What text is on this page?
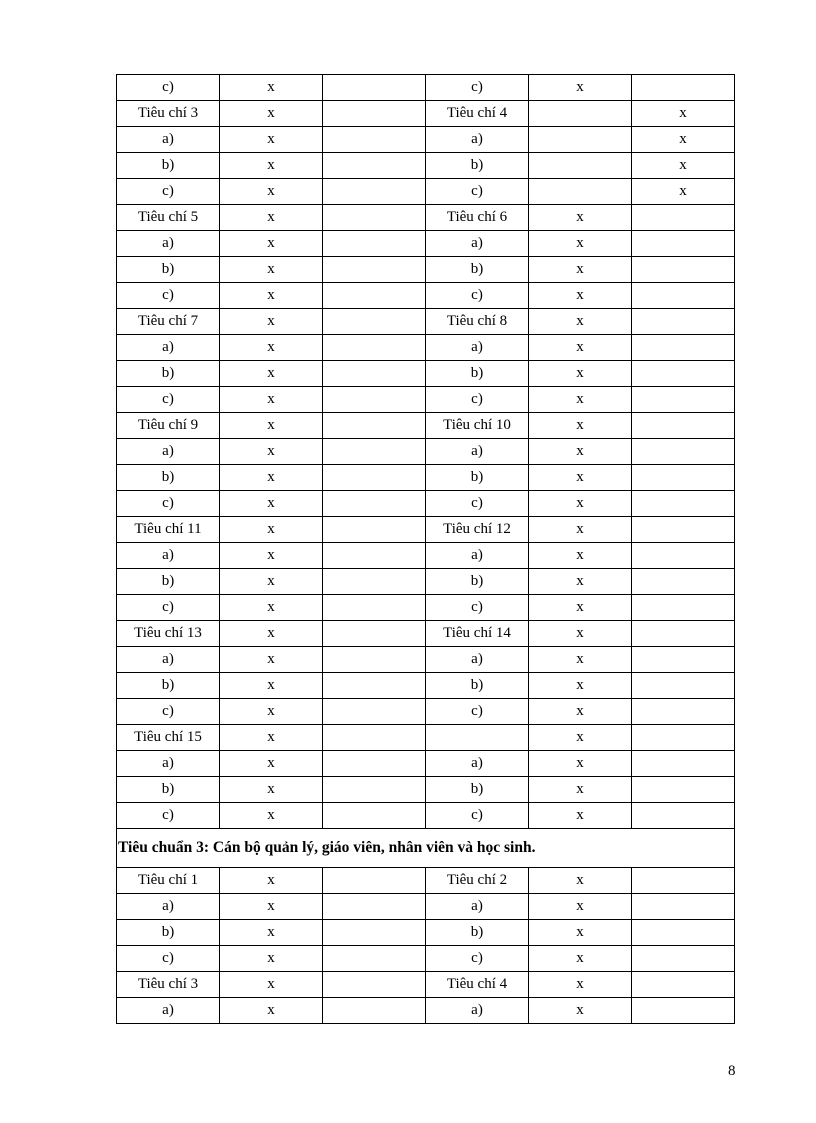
c)	x		c)	x	
Tiêu chí 3	x		Tiêu chí 4		x
a)	x		a)		x
b)	x		b)		x
c)	x		c)		x
Tiêu chí 5	x		Tiêu chí 6	x	
a)	x		a)	x	
b)	x		b)	x	
c)	x		c)	x	
Tiêu chí 7	x		Tiêu chí 8	x	
a)	x		a)	x	
b)	x		b)	x	
c)	x		c)	x	
Tiêu chí 9	x		Tiêu chí 10	x	
a)	x		a)	x	
b)	x		b)	x	
c)	x		c)	x	
Tiêu chí 11	x		Tiêu chí 12	x	
a)	x		a)	x	
b)	x		b)	x	
c)	x		c)	x	
Tiêu chí 13	x		Tiêu chí 14	x	
a)	x		a)	x	
b)	x		b)	x	
c)	x		c)	x	
Tiêu chí 15	x			x	
a)	x		a)	x	
b)	x		b)	x	
c)	x		c)	x	
Tiêu chuẩn 3: Cán bộ quản lý, giáo viên, nhân viên và học sinh.					
Tiêu chí 1	x		Tiêu chí 2	x	
a)	x		a)	x	
b)	x		b)	x	
c)	x		c)	x	
Tiêu chí 3	x		Tiêu chí 4	x	
a)	x		a)	x	
8
